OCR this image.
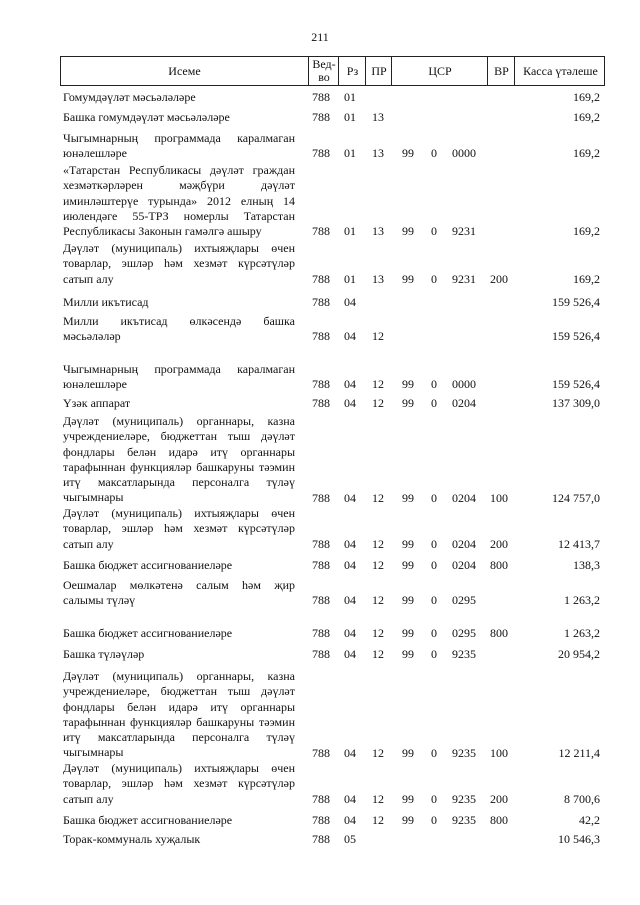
211
Исеме	Вед-во	Рз	ПР	ЦСР	ВР	Касса үтәлеше
Гомумдәүләт мәсьәләләре	788 01	169,2
Башка гомумдәүләт мәсьәләләре	788 01 13	169,2
Чыгымнарның программада каралмаган юнәлешләре	788 01 13 99 0 0000	169,2
«Татарстан Республикасы дәүләт граждан хезмәткәрләрен мәҗбүри дәүләт иминләштерүе турында» 2012 елның 14 июлендәге 55-ТРЗ номерлы Татарстан Республикасы Законын гамәлгә ашыру	788 01 13 99 0 9231	169,2
Дәүләт (муниципаль) ихтыяҗлары өчен товарлар, эшләр һәм хезмәт күрсәтүләр сатып алу	788 01 13 99 0 9231 200	169,2
Милли икътисад	788 04	159 526,4
Милли икътисад өлкәсендә башка мәсьәләләр	788 04 12	159 526,4
Чыгымнарның программада каралмаган юнәлешләре	788 04 12 99 0 0000	159 526,4
Үзәк аппарат	788 04 12 99 0 0204	137 309,0
Дәүләт (муниципаль) органнары, казна учреждениеләре, бюджеттан тыш дәүләт фондлары белән идарә итү органнары тарафыннан функцияләр башкаруны тәэмин итү максатларында персоналга түләү чыгымнары	788 04 12 99 0 0204 100	124 757,0
Дәүләт (муниципаль) ихтыяҗлары өчен товарлар, эшләр һәм хезмәт күрсәтүләр сатып алу	788 04 12 99 0 0204 200	12 413,7
Башка бюджет ассигнованиеләре	788 04 12 99 0 0204 800	138,3
Оешмалар мөлкәтенә салым һәм җир салымы түләү	788 04 12 99 0 0295	1 263,2
Башка бюджет ассигнованиеләре	788 04 12 99 0 0295 800	1 263,2
Башка түләүләр	788 04 12 99 0 9235	20 954,2
Дәүләт (муниципаль) органнары, казна учреждениеләре, бюджеттан тыш дәүләт фондлары белән идарә итү органнары тарафыннан функцияләр башкаруны тәэмин итү максатларында персоналга түләү чыгымнары	788 04 12 99 0 9235 100	12 211,4
Дәүләт (муниципаль) ихтыяҗлары өчен товарлар, эшләр һәм хезмәт күрсәтүләр сатып алу	788 04 12 99 0 9235 200	8 700,6
Башка бюджет ассигнованиеләре	788 04 12 99 0 9235 800	42,2
Торак-коммуналь хуҗалык	788 05	10 546,3
